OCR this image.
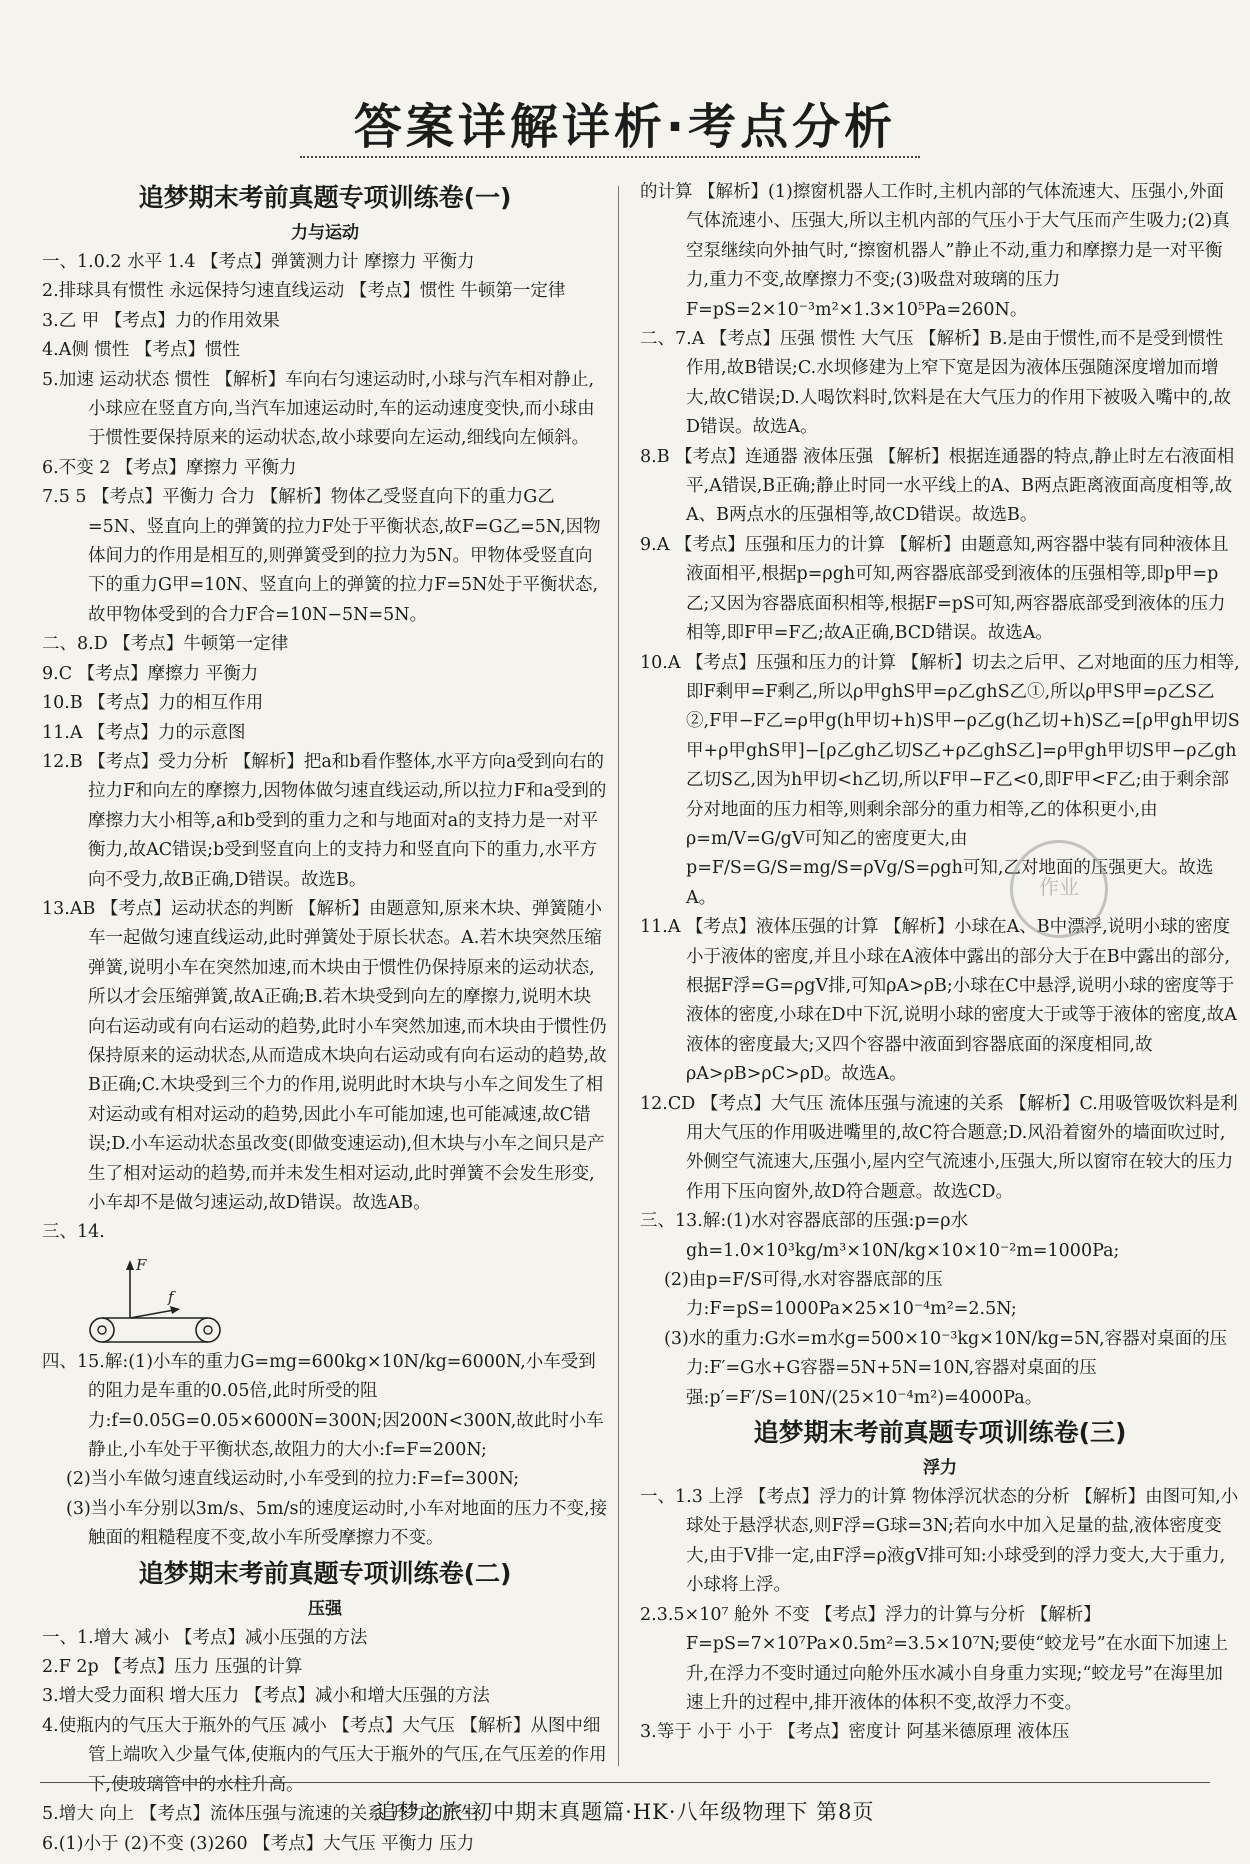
答案详解详析·考点分析
追梦期末考前真题专项训练卷(一)
力与运动

一、1.0.2 水平 1.4 【考点】弹簧测力计 摩擦力 平衡力

2.排球具有惯性 永远保持匀速直线运动 【考点】惯性 牛顿第一定律

3.乙 甲 【考点】力的作用效果

4.A侧 惯性 【考点】惯性

5.加速 运动状态 惯性 【解析】车向右匀速运动时,小球与汽车相对静止,小球应在竖直方向,当汽车加速运动时,车的运动速度变快,而小球由于惯性要保持原来的运动状态,故小球要向左运动,细线向左倾斜。

6.不变 2 【考点】摩擦力 平衡力

7.5 5 【考点】平衡力 合力 【解析】物体乙受竖直向下的重力G乙=5N、竖直向上的弹簧的拉力F处于平衡状态,故F=G乙=5N,因物体间力的作用是相互的,则弹簧受到的拉力为5N。甲物体受竖直向下的重力G甲=10N、竖直向上的弹簧的拉力F=5N处于平衡状态,故甲物体受到的合力F合=10N−5N=5N。

二、8.D 【考点】牛顿第一定律

9.C 【考点】摩擦力 平衡力

10.B 【考点】力的相互作用

11.A 【考点】力的示意图

12.B 【考点】受力分析 【解析】把a和b看作整体,水平方向a受到向右的拉力F和向左的摩擦力,因物体做匀速直线运动,所以拉力F和a受到的摩擦力大小相等,a和b受到的重力之和与地面对a的支持力是一对平衡力,故AC错误;b受到竖直向上的支持力和竖直向下的重力,水平方向不受力,故B正确,D错误。故选B。

13.AB 【考点】运动状态的判断 【解析】由题意知,原来木块、弹簧随小车一起做匀速直线运动,此时弹簧处于原长状态。A.若木块突然压缩弹簧,说明小车在突然加速,而木块由于惯性仍保持原来的运动状态,所以才会压缩弹簧,故A正确;B.若木块受到向左的摩擦力,说明木块向右运动或有向右运动的趋势,此时小车突然加速,而木块由于惯性仍保持原来的运动状态,从而造成木块向右运动或有向右运动的趋势,故B正确;C.木块受到三个力的作用,说明此时木块与小车之间发生了相对运动或有相对运动的趋势,因此小车可能加速,也可能减速,故C错误;D.小车运动状态虽改变(即做变速运动),但木块与小车之间只是产生了相对运动的趋势,而并未发生相对运动,此时弹簧不会发生形变,小车却不是做匀速运动,故D错误。故选AB。

三、14.

F
f

四、15.解:(1)小车的重力G=mg=600kg×10N/kg=6000N,小车受到的阻力是车重的0.05倍,此时所受的阻力:f=0.05G=0.05×6000N=300N;因200N<300N,故此时小车静止,小车处于平衡状态,故阻力的大小:f=F=200N;

(2)当小车做匀速直线运动时,小车受到的拉力:F=f=300N;

(3)当小车分别以3m/s、5m/s的速度运动时,小车对地面的压力不变,接触面的粗糙程度不变,故小车所受摩擦力不变。

追梦期末考前真题专项训练卷(二)
压强

一、1.增大 减小 【考点】减小压强的方法

2.F 2p 【考点】压力 压强的计算

3.增大受力面积 增大压力 【考点】减小和增大压强的方法

4.使瓶内的气压大于瓶外的气压 减小 【考点】大气压 【解析】从图中细管上端吹入少量气体,使瓶内的气压大于瓶外的气压,在气压差的作用下,使玻璃管中的水柱升高。

5.增大 向上 【考点】流体压强与流速的关系 升力的产生

6.(1)小于 (2)不变 (3)260 【考点】大气压 平衡力 压力

的计算 【解析】(1)擦窗机器人工作时,主机内部的气体流速大、压强小,外面气体流速小、压强大,所以主机内部的气压小于大气压而产生吸力;(2)真空泵继续向外抽气时,“擦窗机器人”静止不动,重力和摩擦力是一对平衡力,重力不变,故摩擦力不变;(3)吸盘对玻璃的压力F=pS=2×10⁻³m²×1.3×10⁵Pa=260N。

二、7.A 【考点】压强 惯性 大气压 【解析】B.是由于惯性,而不是受到惯性作用,故B错误;C.水坝修建为上窄下宽是因为液体压强随深度增加而增大,故C错误;D.人喝饮料时,饮料是在大气压力的作用下被吸入嘴中的,故D错误。故选A。

8.B 【考点】连通器 液体压强 【解析】根据连通器的特点,静止时左右液面相平,A错误,B正确;静止时同一水平线上的A、B两点距离液面高度相等,故A、B两点水的压强相等,故CD错误。故选B。

9.A 【考点】压强和压力的计算 【解析】由题意知,两容器中装有同种液体且液面相平,根据p=ρgh可知,两容器底部受到液体的压强相等,即p甲=p乙;又因为容器底面积相等,根据F=pS可知,两容器底部受到液体的压力相等,即F甲=F乙;故A正确,BCD错误。故选A。

10.A 【考点】压强和压力的计算 【解析】切去之后甲、乙对地面的压力相等,即F剩甲=F剩乙,所以ρ甲ghS甲=ρ乙ghS乙①,所以ρ甲S甲=ρ乙S乙②,F甲−F乙=ρ甲g(h甲切+h)S甲−ρ乙g(h乙切+h)S乙=[ρ甲gh甲切S甲+ρ甲ghS甲]−[ρ乙gh乙切S乙+ρ乙ghS乙]=ρ甲gh甲切S甲−ρ乙gh乙切S乙,因为h甲切<h乙切,所以F甲−F乙<0,即F甲<F乙;由于剩余部分对地面的压力相等,则剩余部分的重力相等,乙的体积更小,由ρ=m/V=G/gV可知乙的密度更大,由p=F/S=G/S=mg/S=ρVg/S=ρgh可知,乙对地面的压强更大。故选A。

11.A 【考点】液体压强的计算 【解析】小球在A、B中漂浮,说明小球的密度小于液体的密度,并且小球在A液体中露出的部分大于在B中露出的部分,根据F浮=G=ρgV排,可知ρA>ρB;小球在C中悬浮,说明小球的密度等于液体的密度,小球在D中下沉,说明小球的密度大于或等于液体的密度,故A液体的密度最大;又四个容器中液面到容器底面的深度相同,故ρA>ρB>ρC>ρD。故选A。

12.CD 【考点】大气压 流体压强与流速的关系 【解析】C.用吸管吸饮料是利用大气压的作用吸进嘴里的,故C符合题意;D.风沿着窗外的墙面吹过时,外侧空气流速大,压强小,屋内空气流速小,压强大,所以窗帘在较大的压力作用下压向窗外,故D符合题意。故选CD。

三、13.解:(1)水对容器底部的压强:p=ρ水gh=1.0×10³kg/m³×10N/kg×10×10⁻²m=1000Pa;

(2)由p=F/S可得,水对容器底部的压力:F=pS=1000Pa×25×10⁻⁴m²=2.5N;

(3)水的重力:G水=m水g=500×10⁻³kg×10N/kg=5N,容器对桌面的压力:F′=G水+G容器=5N+5N=10N,容器对桌面的压强:p′=F′/S=10N/(25×10⁻⁴m²)=4000Pa。

追梦期末考前真题专项训练卷(三)
浮力

一、1.3 上浮 【考点】浮力的计算 物体浮沉状态的分析 【解析】由图可知,小球处于悬浮状态,则F浮=G球=3N;若向水中加入足量的盐,液体密度变大,由于V排一定,由F浮=ρ液gV排可知:小球受到的浮力变大,大于重力,小球将上浮。

2.3.5×10⁷ 舱外 不变 【考点】浮力的计算与分析 【解析】F=pS=7×10⁷Pa×0.5m²=3.5×10⁷N;要使“蛟龙号”在水面下加速上升,在浮力不变时通过向舱外压水减小自身重力实现;“蛟龙号”在海里加速上升的过程中,排开液体的体积不变,故浮力不变。

3.等于 小于 小于 【考点】密度计 阿基米德原理 液体压

作业
追梦之旅·初中期末真题篇·HK·八年级物理下 第8页
